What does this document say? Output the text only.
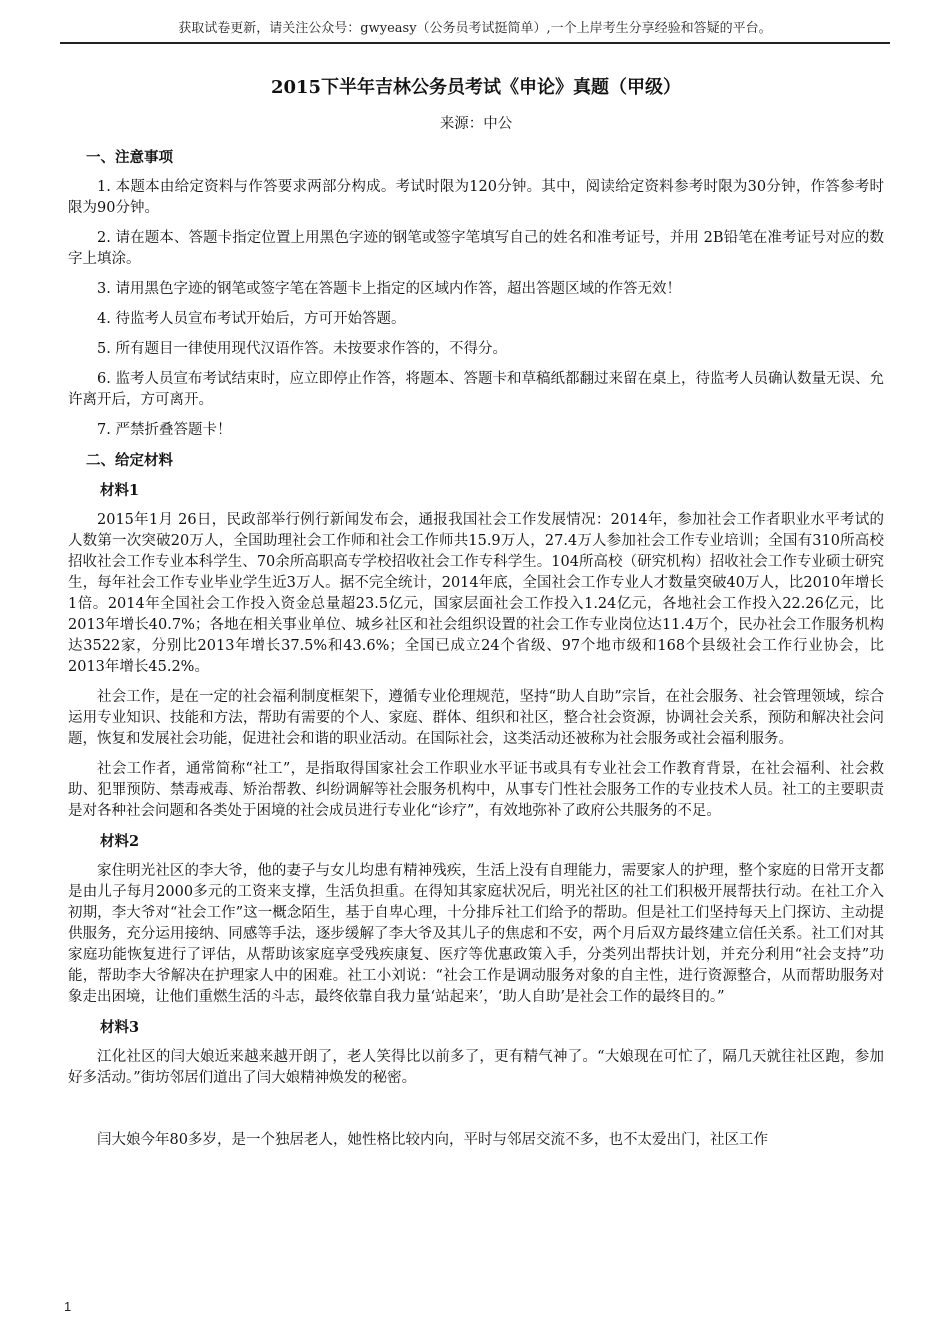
获取试卷更新，请关注公众号：gwyeasy（公务员考试挺简单）,一个上岸考生分享经验和答疑的平台。
2015下半年吉林公务员考试《申论》真题（甲级）
来源：中公
一、注意事项
1. 本题本由给定资料与作答要求两部分构成。考试时限为120分钟。其中，阅读给定资料参考时限为30分钟，作答参考时限为90分钟。
2. 请在题本、答题卡指定位置上用黑色字迹的钢笔或签字笔填写自己的姓名和准考证号，并用 2B铅笔在准考证号对应的数字上填涂。
3. 请用黑色字迹的钢笔或签字笔在答题卡上指定的区域内作答，超出答题区域的作答无效！
4. 待监考人员宣布考试开始后，方可开始答题。
5. 所有题目一律使用现代汉语作答。未按要求作答的，不得分。
6. 监考人员宣布考试结束时，应立即停止作答，将题本、答题卡和草稿纸都翻过来留在桌上，待监考人员确认数量无误、允许离开后，方可离开。
7. 严禁折叠答题卡！
二、给定材料
材料1
2015年1月 26日，民政部举行例行新闻发布会，通报我国社会工作发展情况：2014年，参加社会工作者职业水平考试的人数第一次突破20万人，全国助理社会工作师和社会工作师共15.9万人，27.4万人参加社会工作专业培训；全国有310所高校招收社会工作专业本科学生、70余所高职高专学校招收社会工作专科学生。104所高校（研究机构）招收社会工作专业硕士研究生，每年社会工作专业毕业学生近3万人。据不完全统计，2014年底，全国社会工作专业人才数量突破40万人，比2010年增长1倍。2014年全国社会工作投入资金总量超23.5亿元，国家层面社会工作投入1.24亿元，各地社会工作投入22.26亿元，比2013年增长40.7%；各地在相关事业单位、城乡社区和社会组织设置的社会工作专业岗位达11.4万个，民办社会工作服务机构达3522家，分别比2013年增长37.5%和43.6%；全国已成立24个省级、97个地市级和168个县级社会工作行业协会，比2013年增长45.2%。
社会工作，是在一定的社会福利制度框架下，遵循专业伦理规范，坚持“助人自助”宗旨，在社会服务、社会管理领域，综合运用专业知识、技能和方法，帮助有需要的个人、家庭、群体、组织和社区，整合社会资源，协调社会关系，预防和解决社会问题，恢复和发展社会功能，促进社会和谐的职业活动。在国际社会，这类活动还被称为社会服务或社会福利服务。
社会工作者，通常简称“社工”，是指取得国家社会工作职业水平证书或具有专业社会工作教育背景，在社会福利、社会救助、犯罪预防、禁毒戒毒、矫治帮教、纠纷调解等社会服务机构中，从事专门性社会服务工作的专业技术人员。社工的主要职责是对各种社会问题和各类处于困境的社会成员进行专业化“诊疗”，有效地弥补了政府公共服务的不足。
材料2
家住明光社区的李大爷，他的妻子与女儿均患有精神残疾，生活上没有自理能力，需要家人的护理，整个家庭的日常开支都是由儿子每月2000多元的工资来支撑，生活负担重。在得知其家庭状况后，明光社区的社工们积极开展帮扶行动。在社工介入初期，李大爷对“社会工作”这一概念陌生，基于自卑心理，十分排斥社工们给予的帮助。但是社工们坚持每天上门探访、主动提供服务，充分运用接纳、同感等手法，逐步缓解了李大爷及其儿子的焦虑和不安，两个月后双方最终建立信任关系。社工们对其家庭功能恢复进行了评估，从帮助该家庭享受残疾康复、医疗等优惠政策入手，分类列出帮扶计划，并充分利用“社会支持”功能，帮助李大爷解决在护理家人中的困难。社工小刘说：“社会工作是调动服务对象的自主性，进行资源整合，从而帮助服务对象走出困境，让他们重燃生活的斗志，最终依靠自我力量‘站起来’，‘助人自助’是社会工作的最终目的。”
材料3
江化社区的闫大娘近来越来越开朗了，老人笑得比以前多了，更有精气神了。“大娘现在可忙了，隔几天就往社区跑，参加好多活动。”街坊邻居们道出了闫大娘精神焕发的秘密。
闫大娘今年80多岁，是一个独居老人，她性格比较内向，平时与邻居交流不多，也不太爱出门，社区工作
1
